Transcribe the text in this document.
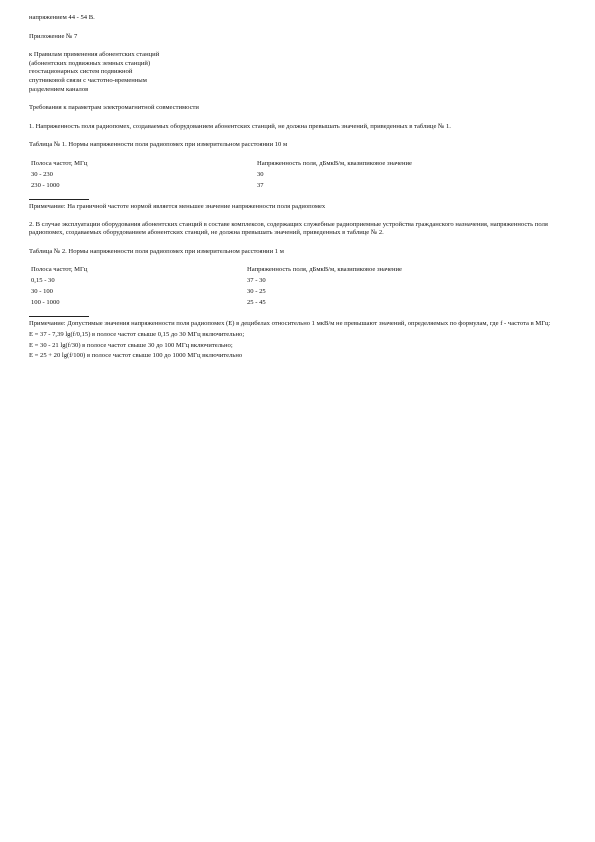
напряжением 44 - 54 В.
Приложение № 7
к Правилам применения абонентских станций
(абонентских подвижных земных станций)
геостационарных систем подвижной
спутниковой связи с частотно-временным
разделением каналов
Требования к параметрам электромагнитной совместимости
1. Напряженность поля радиопомех, создаваемых оборудованием абонентских станций, не должна превышать значений, приведенных в таблице № 1.
Таблица № 1. Нормы напряженности поля радиопомех при измерительном расстоянии 10 м
Полоса частот, МГц	Напряженность поля, дБмкВ/м, квазипиковое значение
30 - 230	30
230 - 1000	37
Примечание: На граничной частоте нормой является меньшее значение напряженности поля радиопомех
2. В случае эксплуатации оборудования абонентских станций в составе комплексов, содержащих служебные радиоприемные устройства гражданского назначения, напряженность поля радиопомех, создаваемых оборудованием абонентских станций, не должна превышать значений, приведенных в таблице № 2.
Таблица № 2. Нормы напряженности поля радиопомех при измерительном расстоянии 1 м
Полоса частот, МГц	Напряженность поля, дБмкВ/м, квазипиковое значение
0,15 - 30	37 - 30
30 - 100	30 - 25
100 - 1000	25 - 45
Примечание: Допустимые значения напряженности поля радиопомех (Е) в децибелах относительно 1 мкВ/м не превышают значений, определяемых по формулам, где f - частота в МГц:
E = 37 - 7,39 lg(f/0,15) в полосе частот свыше 0,15 до 30 МГц включительно;
E = 30 - 21 lg(f/30) в полосе частот свыше 30 до 100 МГц включительно;
E = 25 + 20 lg(f/100) в полосе частот свыше 100 до 1000 МГц включительно
